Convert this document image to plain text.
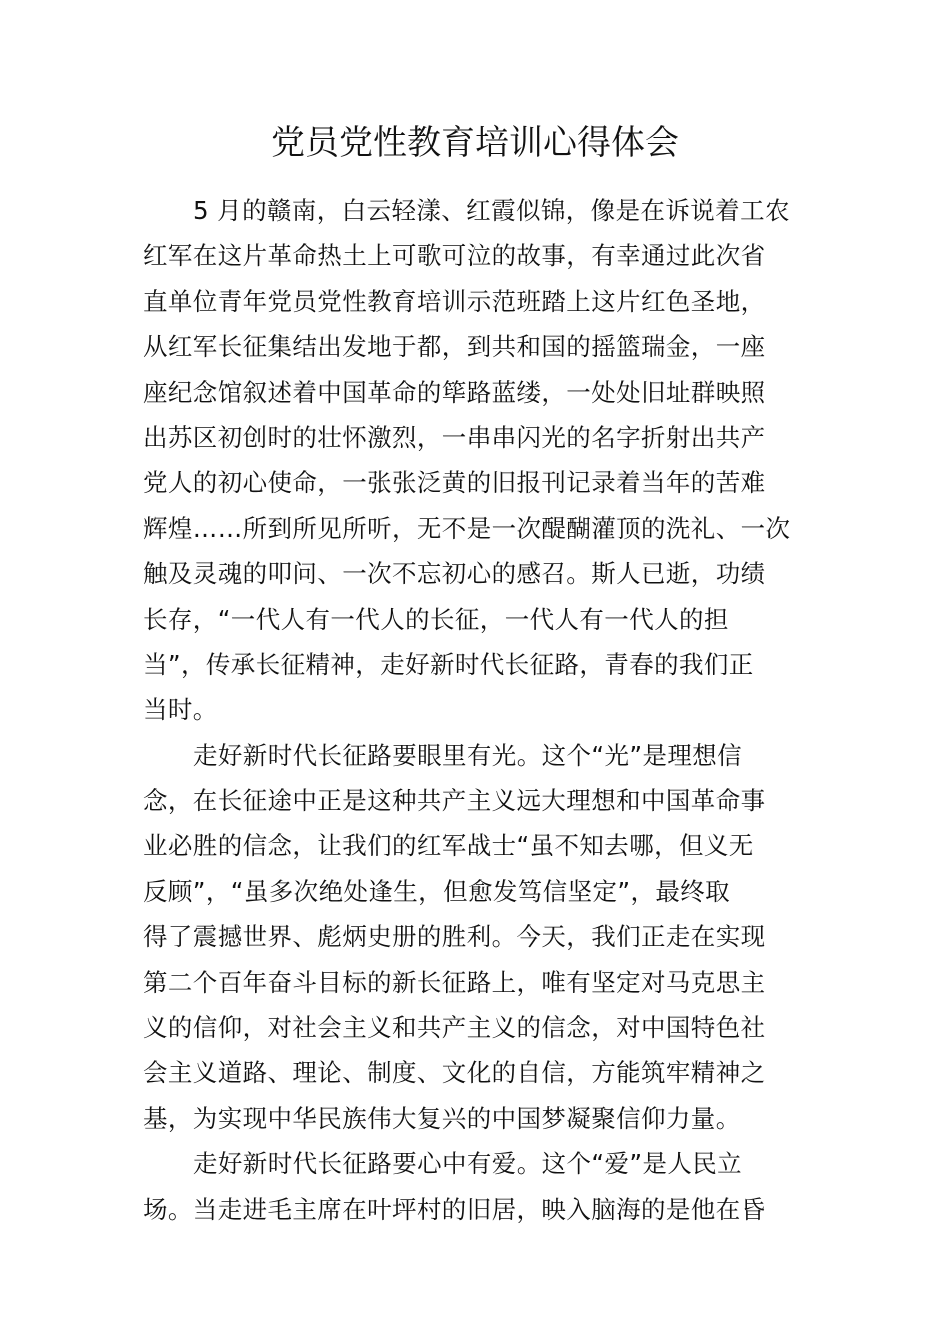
党员党性教育培训心得体会
5 月的赣南，白云轻漾、红霞似锦，像是在诉说着工农
红军在这片革命热土上可歌可泣的故事，有幸通过此次省
直单位青年党员党性教育培训示范班踏上这片红色圣地，
从红军长征集结出发地于都，到共和国的摇篮瑞金，一座
座纪念馆叙述着中国革命的筚路蓝缕，一处处旧址群映照
出苏区初创时的壮怀激烈，一串串闪光的名字折射出共产
党人的初心使命，一张张泛黄的旧报刊记录着当年的苦难
辉煌……所到所见所听，无不是一次醍醐灌顶的洗礼、一次
触及灵魂的叩问、一次不忘初心的感召。斯人已逝，功绩
长存，“一代人有一代人的长征，一代人有一代人的担
当”，传承长征精神，走好新时代长征路，青春的我们正
当时。
走好新时代长征路要眼里有光。这个“光”是理想信
念，在长征途中正是这种共产主义远大理想和中国革命事
业必胜的信念，让我们的红军战士“虽不知去哪，但义无
反顾”，“虽多次绝处逢生，但愈发笃信坚定”，最终取
得了震撼世界、彪炳史册的胜利。今天，我们正走在实现
第二个百年奋斗目标的新长征路上，唯有坚定对马克思主
义的信仰，对社会主义和共产主义的信念，对中国特色社
会主义道路、理论、制度、文化的自信，方能筑牢精神之
基，为实现中华民族伟大复兴的中国梦凝聚信仰力量。
走好新时代长征路要心中有爱。这个“爱”是人民立
场。当走进毛主席在叶坪村的旧居，映入脑海的是他在昏
